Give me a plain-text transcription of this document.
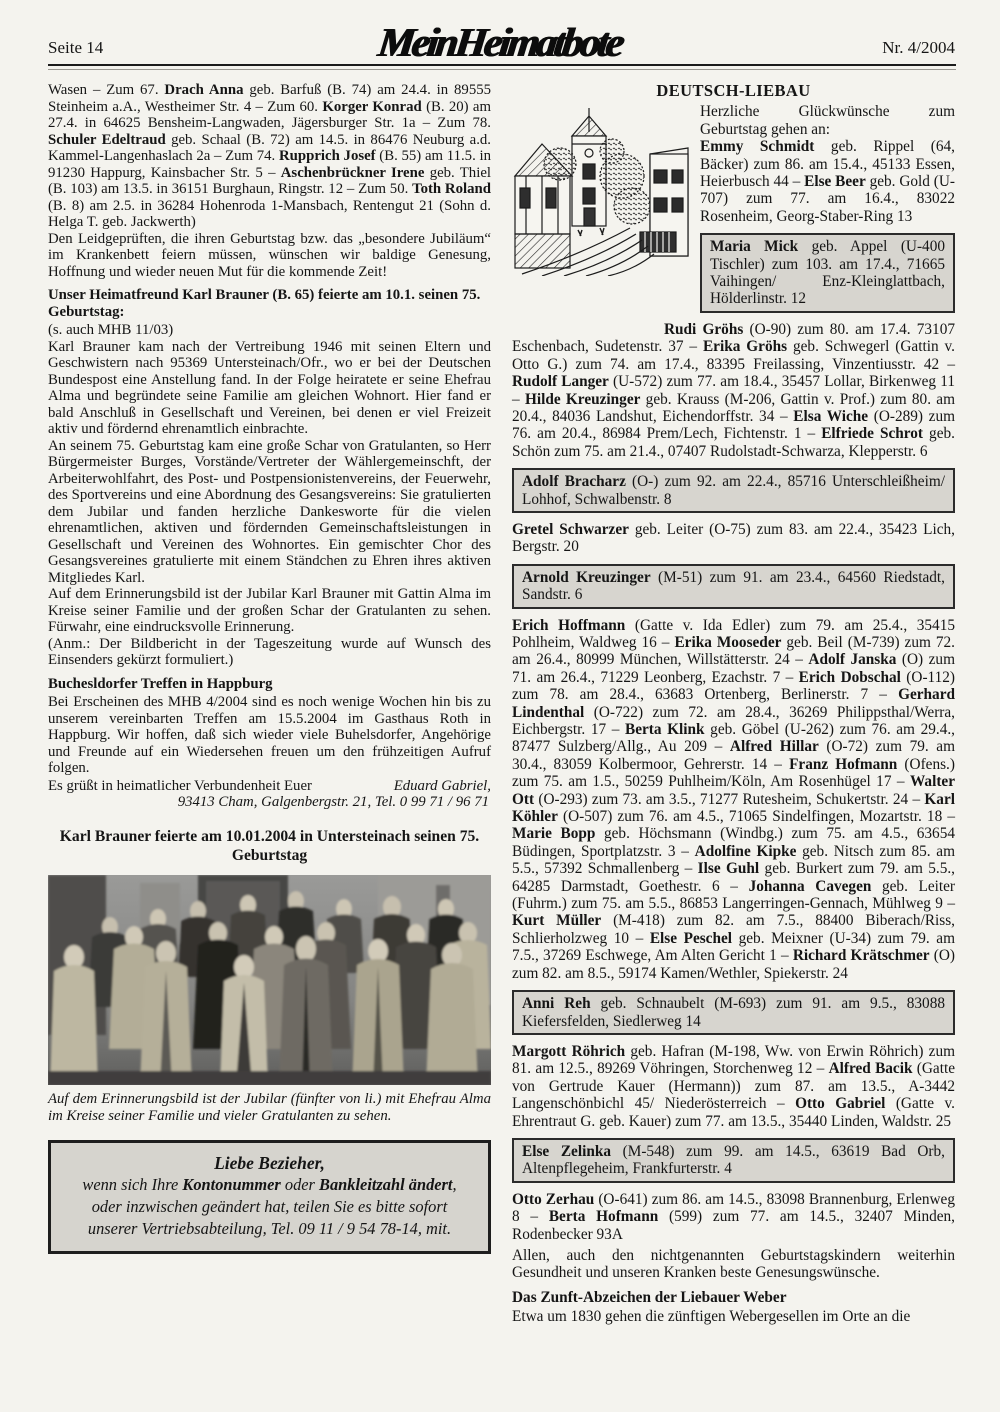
Seite 14	MeinHeimatbote	Nr. 4/2004

Wasen – Zum 67. Drach Anna geb. Barfuß (B. 74) am 24.4. in 89555 Steinheim a.A., Westheimer Str. 4 – Zum 60. Korger Konrad (B. 20) am 27.4. in 64625 Bensheim-Langwaden, Jägersburger Str. 1a – Zum 78. Schuler Edeltraud geb. Schaal (B. 72) am 14.5. in 86476 Neuburg a.d. Kammel-Langenhaslach 2a – Zum 74. Rupprich Josef (B. 55) am 11.5. in 91230 Happurg, Kainsbacher Str. 5 – Aschenbrückner Irene geb. Thiel (B. 103) am 13.5. in 36151 Burghaun, Ringstr. 12 – Zum 50. Toth Roland (B. 8) am 2.5. in 36284 Hohenroda 1-Mansbach, Rentengut 21 (Sohn d. Helga T. geb. Jackwerth)

Den Leidgeprüften, die ihren Geburtstag bzw. das „besondere Jubiläum“ im Krankenbett feiern müssen, wünschen wir baldige Genesung, Hoffnung und wieder neuen Mut für die kommende Zeit!

Unser Heimatfreund Karl Brauner (B. 65) feierte am 10.1. seinen 75. Geburtstag:

(s. auch MHB 11/03)

Karl Brauner kam nach der Vertreibung 1946 mit seinen Eltern und Geschwistern nach 95369 Untersteinach/Ofr., wo er bei der Deutschen Bundespost eine Anstellung fand. In der Folge heiratete er seine Ehefrau Alma und begründete seine Familie am gleichen Wohnort. Hier fand er bald Anschluß in Gesellschaft und Vereinen, bei denen er viel Freizeit aktiv und fördernd ehrenamtlich einbrachte.

An seinem 75. Geburtstag kam eine große Schar von Gratulanten, so Herr Bürgermeister Burges, Vorstände/Vertreter der Wählergemeinschft, der Arbeiterwohlfahrt, des Post- und Postpensionistenvereins, der Feuerwehr, des Sportvereins und eine Abordnung des Gesangsvereins: Sie gratulierten dem Jubilar und fanden herzliche Dankesworte für die vielen ehrenamtlichen, aktiven und fördernden Gemeinschaftsleistungen in Gesellschaft und Vereinen des Wohnortes. Ein gemischter Chor des Gesangsvereines gratulierte mit einem Ständchen zu Ehren ihres aktiven Mitgliedes Karl.

Auf dem Erinnerungsbild ist der Jubilar Karl Brauner mit Gattin Alma im Kreise seiner Familie und der großen Schar der Gratulanten zu sehen. Fürwahr, eine eindrucksvolle Erinnerung.

(Anm.: Der Bildbericht in der Tageszeitung wurde auf Wunsch des Einsenders gekürzt formuliert.)

Buchesldorfer Treffen in Happburg

Bei Erscheinen des MHB 4/2004 sind es noch wenige Wochen hin bis zu unserem vereinbarten Treffen am 15.5.2004 im Gasthaus Roth in Happburg. Wir hoffen, daß sich wieder viele Buhelsdorfer, Angehörige und Freunde auf ein Wiedersehen freuen um den frühzeitigen Aufruf folgen.

Es grüßt in heimatlicher Verbundenheit Euer	Eduard Gabriel,
93413 Cham, Galgenbergstr. 21, Tel. 0 99 71 / 96 71
Karl Brauner feierte am 10.01.2004 in Untersteinach seinen 75. Geburtstag

Auf dem Erinnerungsbild ist der Jubilar (fünfter von li.) mit Ehefrau Alma im Kreise seiner Familie und vieler Gratulanten zu sehen.

Liebe Bezieher,
wenn sich Ihre Kontonummer oder Bankleitzahl ändert,
oder inzwischen geändert hat, teilen Sie es bitte sofort
unserer Vertriebsabteilung, Tel. 09 11 / 9 54 78-14, mit.
DEUTSCH-LIEBAU

Herzliche Glückwünsche zum Geburtstag gehen an:

Emmy Schmidt geb. Rippel (64, Bäcker) zum 86. am 15.4., 45133 Essen, Heierbusch 44 – Else Beer geb. Gold (U-707) zum 77. am 16.4., 83022 Rosenheim, Georg-Staber-Ring 13

Maria Mick geb. Appel (U-400 Tischler) zum 103. am 17.4., 71665 Vaihingen/ Enz-Kleinglattbach, Hölderlinstr. 12

Rudi Gröhs (O-90) zum 80. am 17.4. 73107 Eschenbach, Sudetenstr. 37 – Erika Gröhs geb. Schwegerl (Gattin v. Otto G.) zum 74. am 17.4., 83395 Freilassing, Vinzentiusstr. 42 – Rudolf Langer (U-572) zum 77. am 18.4., 35457 Lollar, Birkenweg 11 – Hilde Kreuzinger geb. Krauss (M-206, Gattin v. Prof.) zum 80. am 20.4., 84036 Landshut, Eichendorffstr. 34 – Elsa Wiche (O-289) zum 76. am 20.4., 86984 Prem/Lech, Fichtenstr. 1 – Elfriede Schrot geb. Schön zum 75. am 21.4., 07407 Rudolstadt-Schwarza, Klepperstr. 6

Adolf Bracharz (O-) zum 92. am 22.4., 85716 Unterschleißheim/ Lohhof, Schwalbenstr. 8

Gretel Schwarzer geb. Leiter (O-75) zum 83. am 22.4., 35423 Lich, Bergstr. 20

Arnold Kreuzinger (M-51) zum 91. am 23.4., 64560 Riedstadt, Sandstr. 6

Erich Hoffmann (Gatte v. Ida Edler) zum 79. am 25.4., 35415 Pohlheim, Waldweg 16 – Erika Mooseder geb. Beil (M-739) zum 72. am 26.4., 80999 München, Willstätterstr. 24 – Adolf Janska (O) zum 71. am 26.4., 71229 Leonberg, Ezachstr. 7 – Erich Dobschal (O-112) zum 78. am 28.4., 63683 Ortenberg, Berlinerstr. 7 – Gerhard Lindenthal (O-722) zum 72. am 28.4., 36269 Philippsthal/Werra, Eichbergstr. 17 – Berta Klink geb. Göbel (U-262) zum 76. am 29.4., 87477 Sulzberg/Allg., Au 209 – Alfred Hillar (O-72) zum 79. am 30.4., 83059 Kolbermoor, Gehrerstr. 14 – Franz Hofmann (Ofens.) zum 75. am 1.5., 50259 Puhlheim/Köln, Am Rosenhügel 17 – Walter Ott (O-293) zum 73. am 3.5., 71277 Rutesheim, Schukertstr. 24 – Karl Köhler (O-507) zum 76. am 4.5., 71065 Sindelfingen, Mozartstr. 18 – Marie Bopp geb. Höchsmann (Windbg.) zum 75. am 4.5., 63654 Büdingen, Sportplatzstr. 3 – Adolfine Kipke geb. Nitsch zum 85. am 5.5., 57392 Schmallenberg – Ilse Guhl geb. Burkert zum 79. am 5.5., 64285 Darmstadt, Goethestr. 6 – Johanna Cavegen geb. Leiter (Fuhrm.) zum 75. am 5.5., 86853 Langerringen-Gennach, Mühlweg 9 – Kurt Müller (M-418) zum 82. am 7.5., 88400 Biberach/Riss, Schlierholzweg 10 – Else Peschel geb. Meixner (U-34) zum 79. am 7.5., 37269 Eschwege, Am Alten Gericht 1 – Richard Krätschmer (O) zum 82. am 8.5., 59174 Kamen/Wethler, Spiekerstr. 24

Anni Reh geb. Schnaubelt (M-693) zum 91. am 9.5., 83088 Kiefersfelden, Siedlerweg 14

Margott Röhrich geb. Hafran (M-198, Ww. von Erwin Röhrich) zum 81. am 12.5., 89269 Vöhringen, Storchenweg 12 – Alfred Bacik (Gatte von Gertrude Kauer (Hermann)) zum 87. am 13.5., A-3442 Langenschönbichl 45/ Niederösterreich – Otto Gabriel (Gatte v. Ehrentraut G. geb. Kauer) zum 77. am 13.5., 35440 Linden, Waldstr. 25

Else Zelinka (M-548) zum 99. am 14.5., 63619 Bad Orb, Altenpflegeheim, Frankfurterstr. 4

Otto Zerhau (O-641) zum 86. am 14.5., 83098 Brannenburg, Erlenweg 8 – Berta Hofmann (599) zum 77. am 14.5., 32407 Minden, Rodenbecker 93A

Allen, auch den nichtgenannten Geburtstagskindern weiterhin Gesundheit und unseren Kranken beste Genesungswünsche.

Das Zunft-Abzeichen der Liebauer Weber

Etwa um 1830 gehen die zünftigen Webergesellen im Orte an die
